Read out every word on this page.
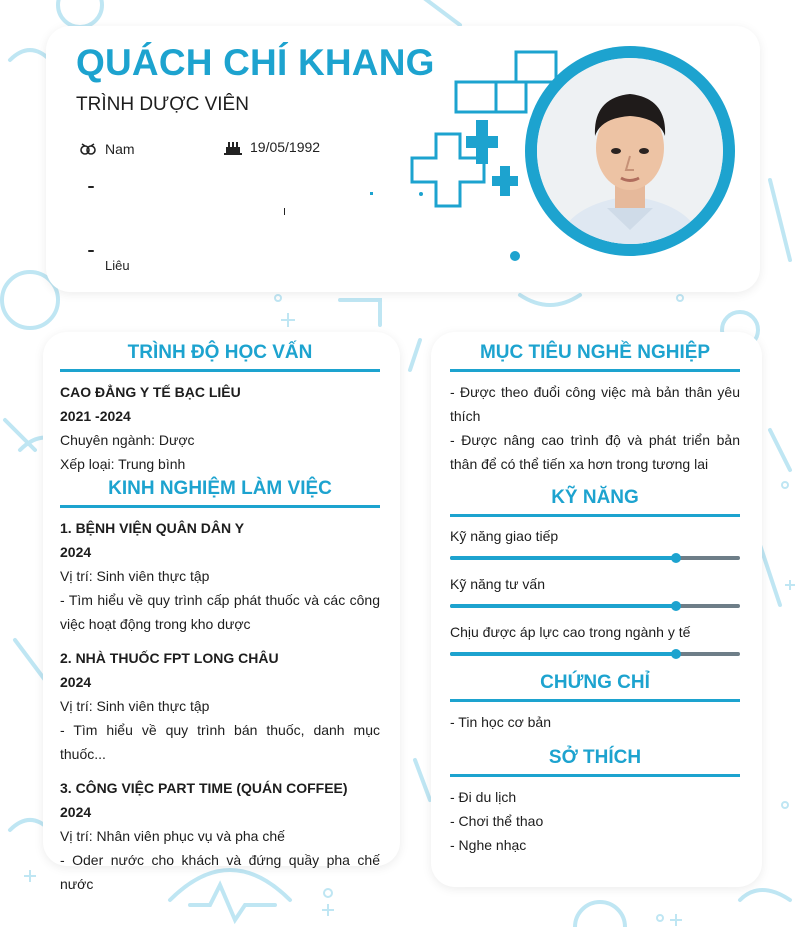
QUÁCH CHÍ KHANG
TRÌNH DƯỢC VIÊN
Nam	19/05/1992
Liêu
TRÌNH ĐỘ HỌC VẤN
CAO ĐẲNG Y TẾ BẠC LIÊU
2021 -2024
Chuyên ngành: Dược
Xếp loại: Trung bình
KINH NGHIỆM LÀM VIỆC
1. BỆNH VIỆN QUÂN DÂN Y
2024
Vị trí: Sinh viên thực tập
- Tìm hiểu về quy trình cấp phát thuốc và các công việc hoạt động trong kho dược
2. NHÀ THUỐC FPT LONG CHÂU
2024
Vị trí: Sinh viên thực tập
- Tìm hiểu về quy trình bán thuốc, danh mục thuốc...
3. CÔNG VIỆC PART TIME (QUÁN COFFEE)
2024
Vị trí: Nhân viên phục vụ và pha chế
- Oder nước cho khách và đứng quầy pha chế nước
MỤC TIÊU NGHỀ NGHIỆP
- Được theo đuổi công việc mà bản thân yêu thích
- Được nâng cao trình độ và phát triển bản thân để có thể tiến xa hơn trong tương lai
KỸ NĂNG
Kỹ năng giao tiếp
Kỹ năng tư vấn
Chịu được áp lực cao trong ngành y tế
CHỨNG CHỈ
- Tin học cơ bản
SỞ THÍCH
- Đi du lịch
- Chơi thể thao
- Nghe nhạc
